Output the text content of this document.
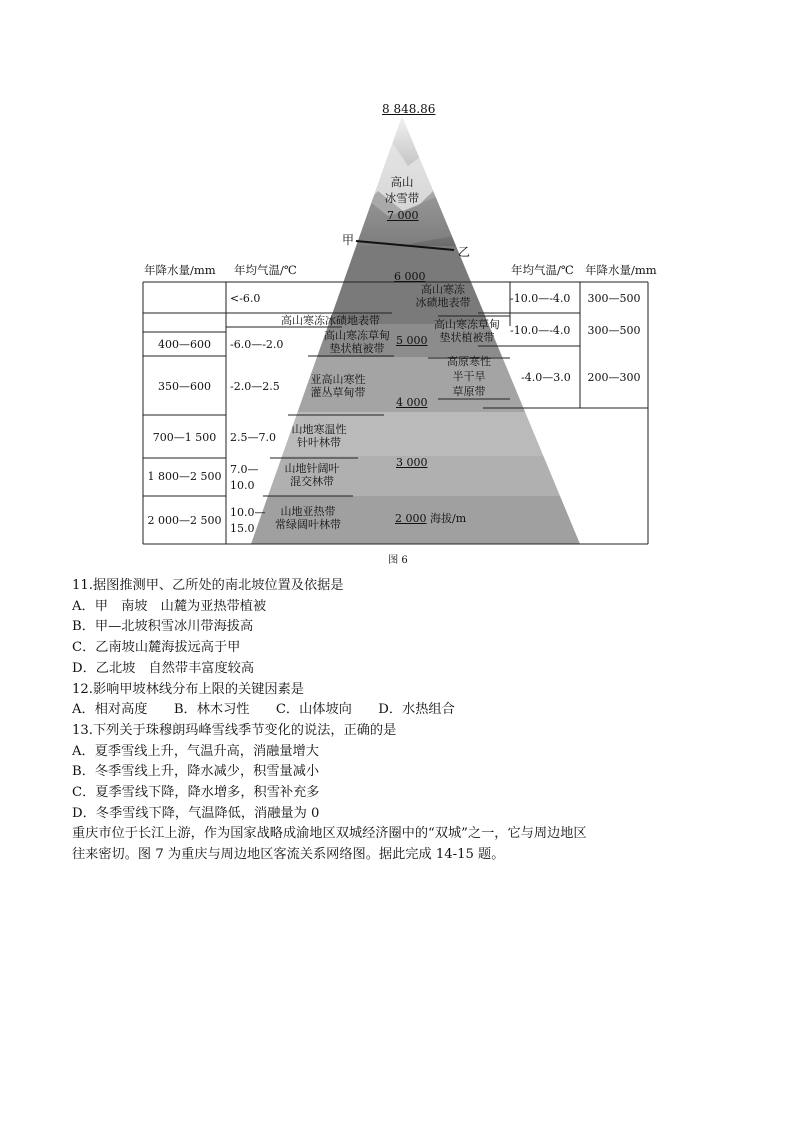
8 848.86
年降水量/mm 年均气温/℃	年均气温/℃ 年降水量/mm
甲
乙
高山
冰雪带
7 000
6 000
5 000
4 000
3 000
2 000 海拔/m
高山寒冻
冰碛地表带
高山寒冻冰碛地表带
高山寒冻草甸
垫状植被带
高山寒冻草甸
垫状植被带
亚高山寒性
灌丛草甸带
高原寒性
半干旱
草原带
山地寒温性
针叶林带
山地针阔叶
混交林带
山地亚热带
常绿阔叶林带
400—600
350—600
700—1 500
1 800—2 500
2 000—2 500
<-6.0
-6.0—-2.0
-2.0—2.5
2.5—7.0
7.0—
10.0
10.0—
15.0
-10.0—-4.0
-10.0—-4.0
-4.0—3.0
300—500
300—500
200—300
图 6
11.据图推测甲、乙所处的南北坡位置及依据是
A．甲　南坡　山麓为亚热带植被
B．甲—北坡积雪冰川带海拔高
C．乙南坡山麓海拔远高于甲
D．乙北坡　自然带丰富度较高
12.影响甲坡林线分布上限的关键因素是
A．相对高度　　B．林木习性　　C．山体坡向　　D．水热组合
13.下列关于珠穆朗玛峰雪线季节变化的说法，正确的是
A．夏季雪线上升，气温升高，消融量增大
B．冬季雪线上升，降水减少，积雪量减小
C．夏季雪线下降，降水增多，积雪补充多
D．冬季雪线下降，气温降低，消融量为 0
重庆市位于长江上游，作为国家战略成渝地区双城经济圈中的“双城”之一，它与周边地区
往来密切。图 7 为重庆与周边地区客流关系网络图。据此完成 14-15 题。
